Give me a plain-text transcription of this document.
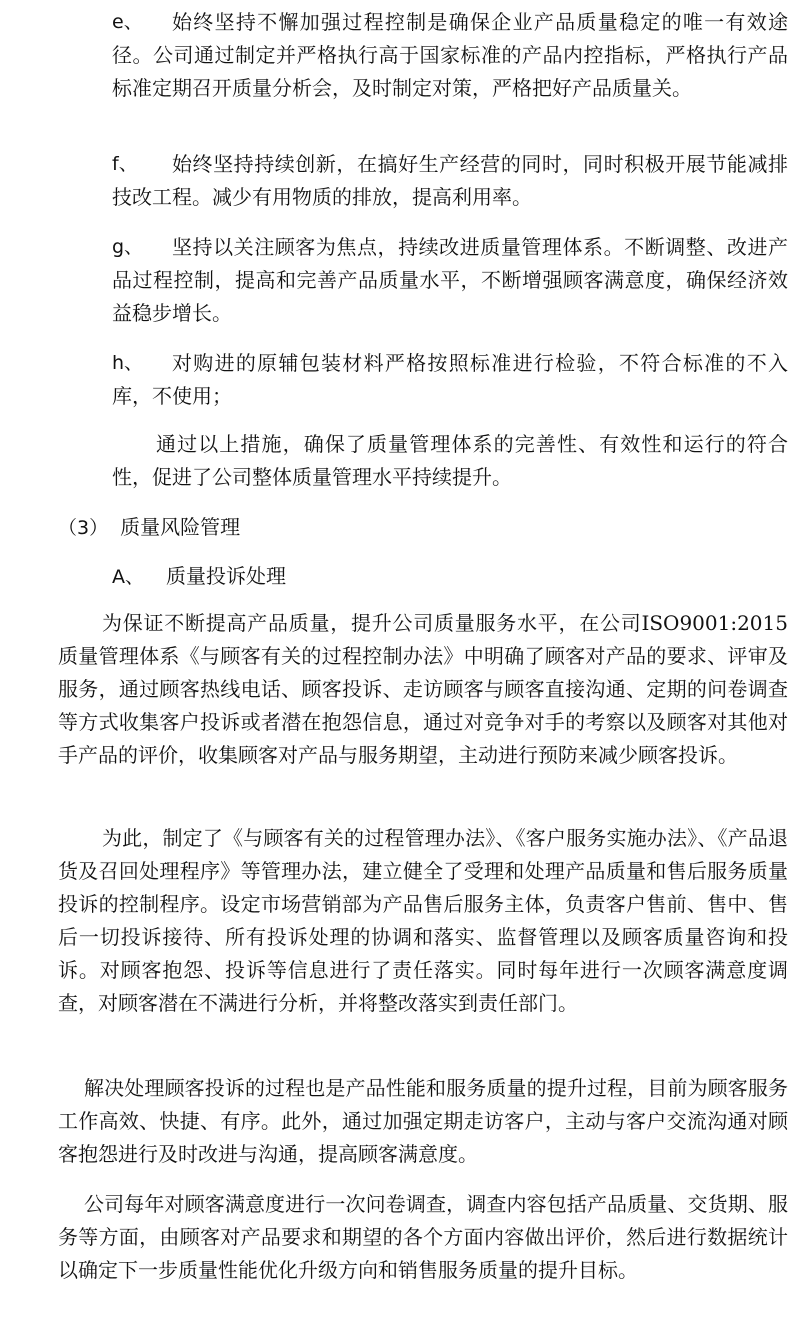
e、	始终坚持不懈加强过程控制是确保企业产品质量稳定的唯一有效途径。公司通过制定并严格执行高于国家标准的产品内控指标，严格执行产品标准定期召开质量分析会，及时制定对策，严格把好产品质量关。
f、	始终坚持持续创新，在搞好生产经营的同时，同时积极开展节能减排技改工程。减少有用物质的排放，提高利用率。
g、	坚持以关注顾客为焦点，持续改进质量管理体系。不断调整、改进产品过程控制，提高和完善产品质量水平，不断增强顾客满意度，确保经济效益稳步增长。
h、	对购进的原辅包装材料严格按照标准进行检验，不符合标准的不入库，不使用；
通过以上措施，确保了质量管理体系的完善性、有效性和运行的符合性，促进了公司整体质量管理水平持续提升。
（3） 质量风险管理
A、 质量投诉处理
为保证不断提高产品质量，提升公司质量服务水平，在公司ISO9001:2015质量管理体系《与顾客有关的过程控制办法》中明确了顾客对产品的要求、评审及服务，通过顾客热线电话、顾客投诉、走访顾客与顾客直接沟通、定期的问卷调查等方式收集客户投诉或者潜在抱怨信息，通过对竞争对手的考察以及顾客对其他对手产品的评价，收集顾客对产品与服务期望，主动进行预防来减少顾客投诉。
为此，制定了《与顾客有关的过程管理办法》、《客户服务实施办法》、《产品退货及召回处理程序》等管理办法，建立健全了受理和处理产品质量和售后服务质量投诉的控制程序。设定市场营销部为产品售后服务主体，负责客户售前、售中、售后一切投诉接待、所有投诉处理的协调和落实、监督管理以及顾客质量咨询和投诉。对顾客抱怨、投诉等信息进行了责任落实。同时每年进行一次顾客满意度调查，对顾客潜在不满进行分析，并将整改落实到责任部门。
解决处理顾客投诉的过程也是产品性能和服务质量的提升过程，目前为顾客服务工作高效、快捷、有序。此外，通过加强定期走访客户，主动与客户交流沟通对顾客抱怨进行及时改进与沟通，提高顾客满意度。
公司每年对顾客满意度进行一次问卷调查，调查内容包括产品质量、交货期、服务等方面，由顾客对产品要求和期望的各个方面内容做出评价，然后进行数据统计以确定下一步质量性能优化升级方向和销售服务质量的提升目标。
